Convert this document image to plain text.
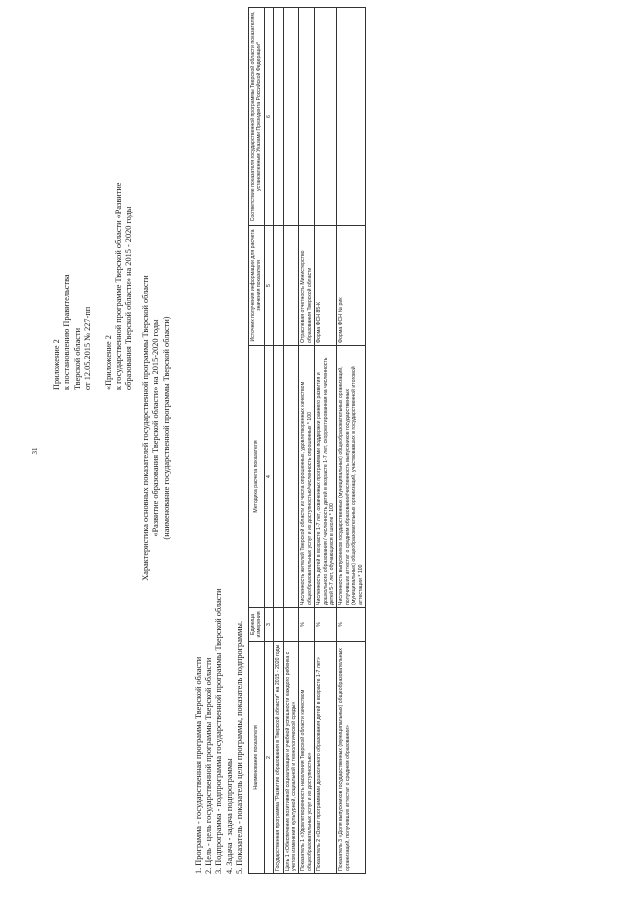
31
Приложение 2 к постановлению Правительства Тверской области от 12.05.2015 № 227-пп «Приложение 2 к государственной программе Тверской области «Развитие образования Тверской области» на 2015 - 2020 годы Характеристика основных показателей государственной программы Тверской области «Развитие образования Тверской области» на 2015-2020 годы (наименование государственной программы Тверской области)
1. Программа - государственная программа Тверской области 2. Цель - цель государственной программы Тверской области 3. Подпрограмма - подпрограмма государственной программы Тверской области 4. Задача - задача подпрограммы 5. Показатель - показатель цели программы, показатель подпрограммы. Наименование показателя	Единица измерения	Методика расчета показателя	Источник получения информации для расчета значения показателя	Соответствие показателя государственной программы Тверской области показателям, установленным Указами Президента Российской Федерации*
2	3	4	5	6
Государственная программа "Развитие образования в Тверской области" на 2015 - 2020 годы				
Цель 1 «Обеспечение позитивной социализации и учебной успешности каждого ребенка с учетом изменения культурной, социальной и технологической среды»				
Показатель 1 «Удовлетворенность населения Тверской области качеством общеобразовательных услуг и их доступностью»	%	Численность жителей Тверской области из числа опрошенных, удовлетворенных качеством общеобразовательных услуг и их доступностью/численность опрошенных * 100	Отраслевая отчетность Министерство образования Тверской области	
Показатель 2 «Охват программами дошкольного образования детей в возрасте 1-7 лет»	%	Численность детей в возрасте 1-7 лет, охваченных программами поддержки раннего развития и дошкольного образования / численность детей в возрасте 1-7 лет, скорректированная на численность детей 5-7 лет, обучающихся в школе * 100	Форма ФСН 85-К	
Показатель 3 «Доля выпускников государственных (муниципальных) общеобразовательных организаций, получивших аттестат о среднем образовании»	%	Численность выпускников государственных (муниципальных) общеобразовательных организаций, получивших аттестат о среднем образовании/численность выпускников государственных (муниципальных) общеобразовательных организаций, участвовавших в государственной итоговой аттестации * 100	Форма ФСН № рик	
